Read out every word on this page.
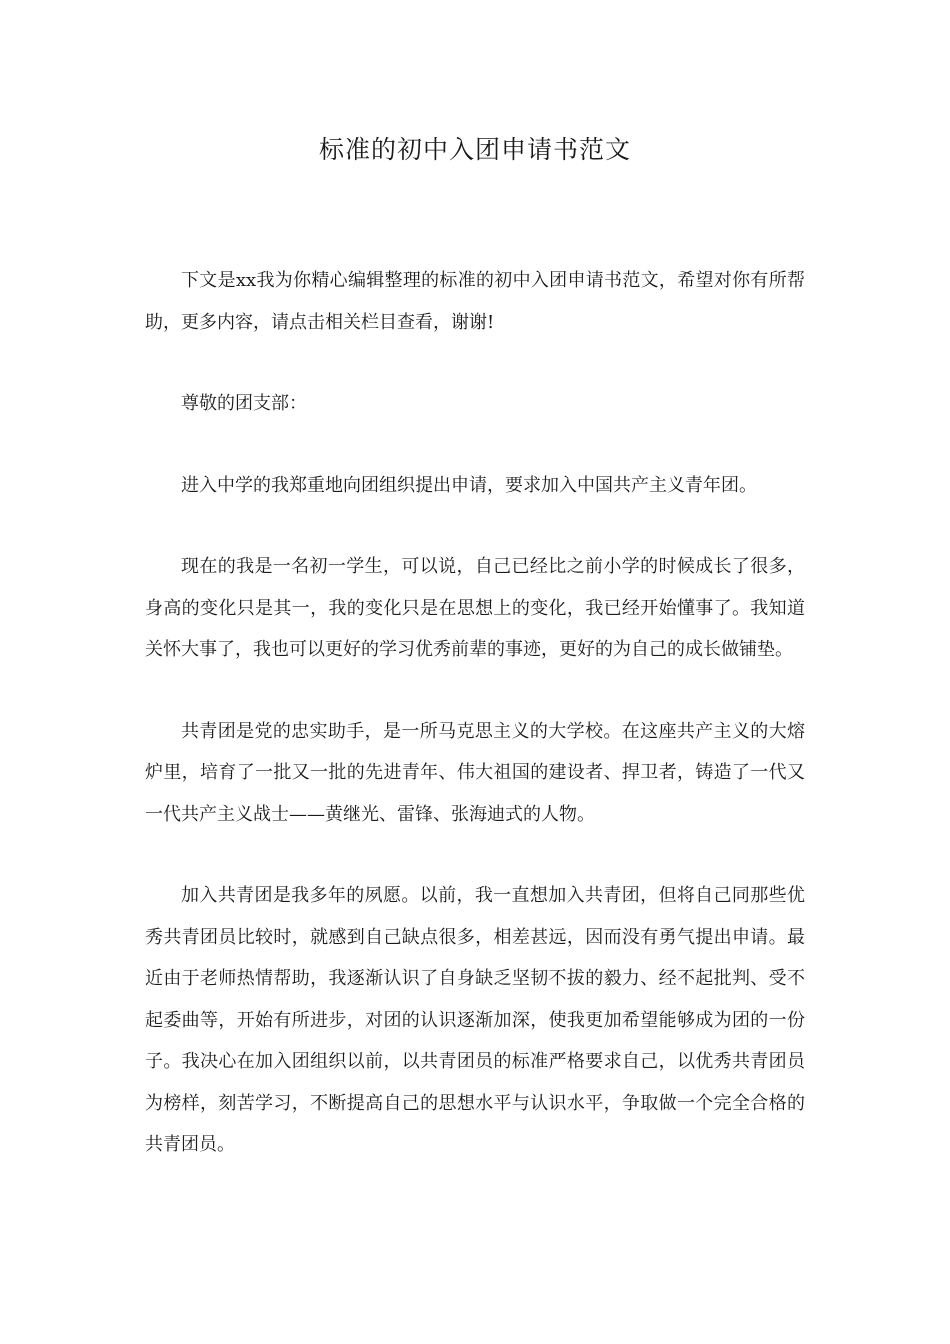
标准的初中入团申请书范文

下文是xx我为你精心编辑整理的标准的初中入团申请书范文，希望对你有所帮助，更多内容，请点击相关栏目查看，谢谢!

尊敬的团支部：

进入中学的我郑重地向团组织提出申请，要求加入中国共产主义青年团。

现在的我是一名初一学生，可以说，自己已经比之前小学的时候成长了很多，身高的变化只是其一，我的变化只是在思想上的变化，我已经开始懂事了。我知道关怀大事了，我也可以更好的学习优秀前辈的事迹，更好的为自己的成长做铺垫。

共青团是党的忠实助手，是一所马克思主义的大学校。在这座共产主义的大熔炉里，培育了一批又一批的先进青年、伟大祖国的建设者、捍卫者，铸造了一代又一代共产主义战士——黄继光、雷锋、张海迪式的人物。

加入共青团是我多年的夙愿。以前，我一直想加入共青团，但将自己同那些优秀共青团员比较时，就感到自己缺点很多，相差甚远，因而没有勇气提出申请。最近由于老师热情帮助，我逐渐认识了自身缺乏坚韧不拔的毅力、经不起批判、受不起委曲等，开始有所进步，对团的认识逐渐加深，使我更加希望能够成为团的一份子。我决心在加入团组织以前，以共青团员的标准严格要求自己，以优秀共青团员为榜样，刻苦学习，不断提高自己的思想水平与认识水平，争取做一个完全合格的共青团员。
